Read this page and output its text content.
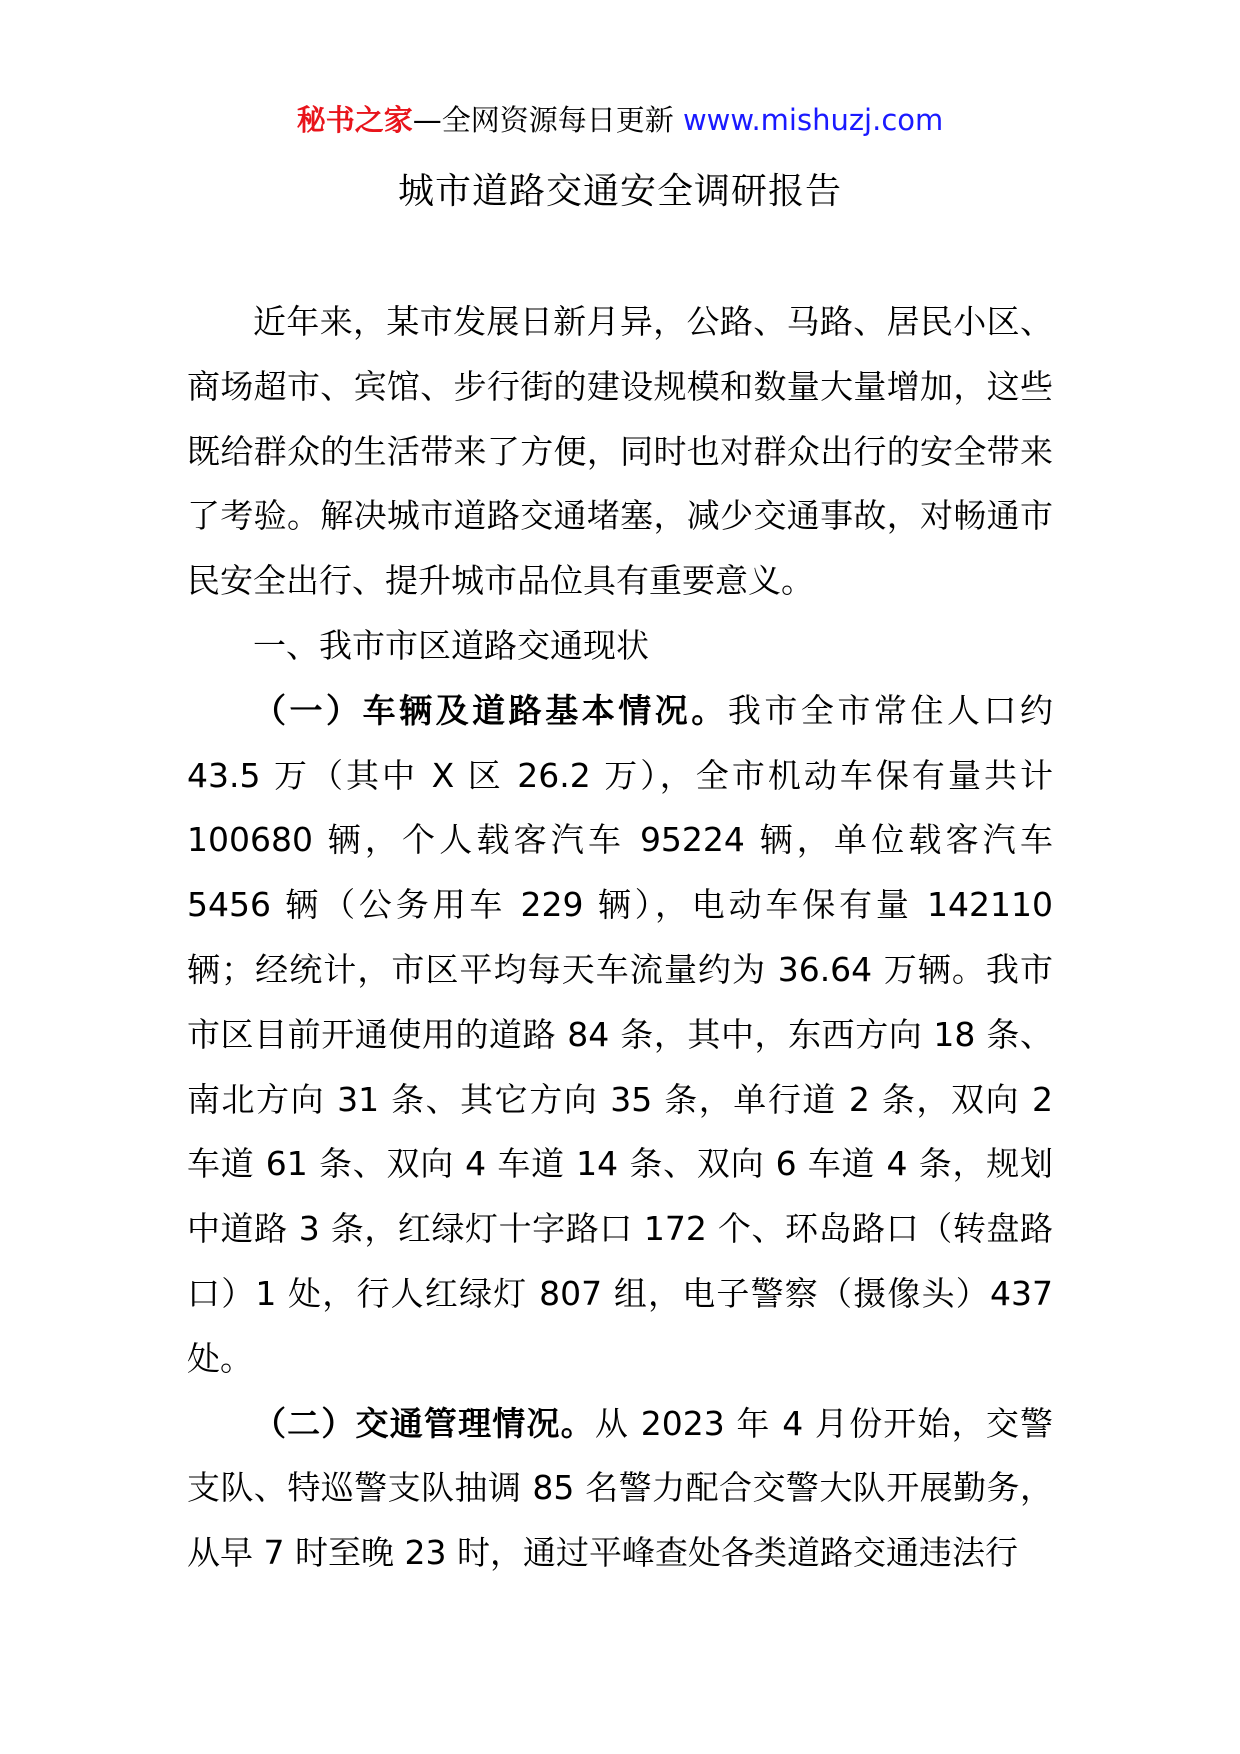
秘书之家—全网资源每日更新 www.mishuzj.com
城市道路交通安全调研报告

近年来，某市发展日新月异，公路、马路、居民小区、商场超市、宾馆、步行街的建设规模和数量大量增加，这些既给群众的生活带来了方便，同时也对群众出行的安全带来了考验。解决城市道路交通堵塞，减少交通事故，对畅通市民安全出行、提升城市品位具有重要意义。

一、我市市区道路交通现状

（一）车辆及道路基本情况。我市全市常住人口约 43.5 万（其中 X 区 26.2 万），全市机动车保有量共计 100680 辆，个人载客汽车 95224 辆，单位载客汽车 5456 辆（公务用车 229 辆），电动车保有量 142110 辆；经统计，市区平均每天车流量约为 36.64 万辆。我市市区目前开通使用的道路 84 条，其中，东西方向 18 条、南北方向 31 条、其它方向 35 条，单行道 2 条，双向 2 车道 61 条、双向 4 车道 14 条、双向 6 车道 4 条，规划中道路 3 条，红绿灯十字路口 172 个、环岛路口（转盘路口）1 处，行人红绿灯 807 组，电子警察（摄像头）437 处。

（二）交通管理情况。从 2023 年 4 月份开始，交警支队、特巡警支队抽调 85 名警力配合交警大队开展勤务，从早 7 时至晚 23 时，通过平峰查处各类道路交通违法行
